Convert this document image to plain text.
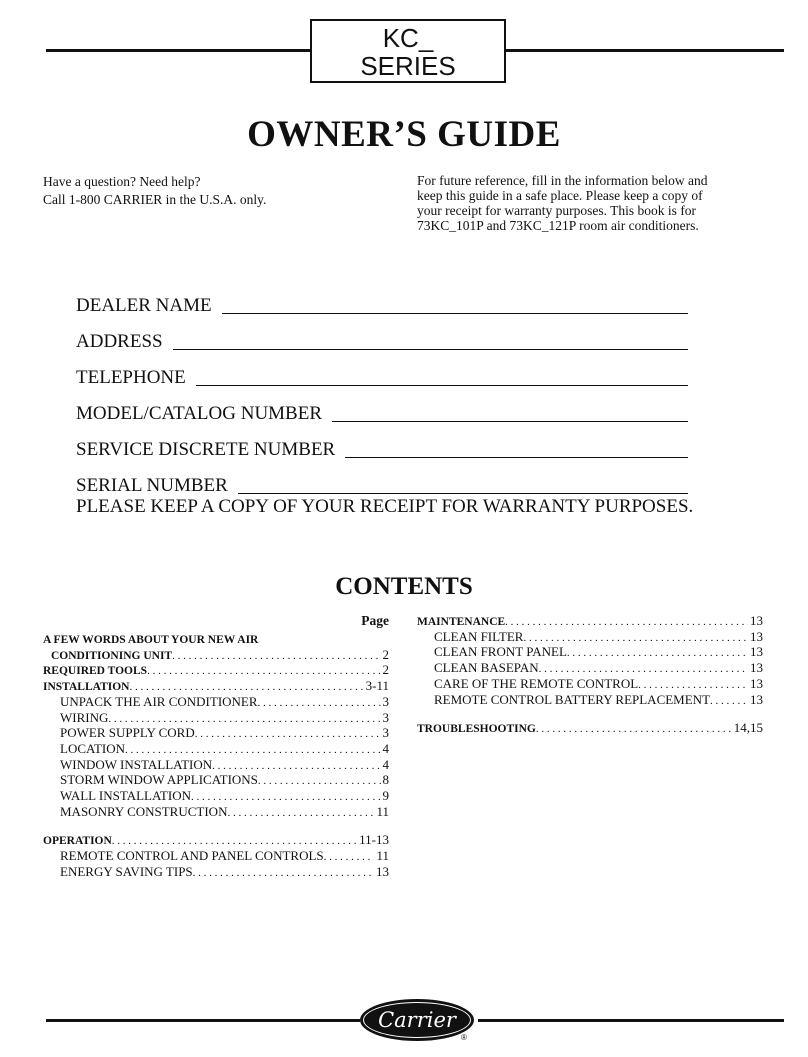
KC_
SERIES
OWNER’S GUIDE
Have a question? Need help?
Call 1-800 CARRIER in the U.S.A. only.
For future reference, fill in the information below and
keep this guide in a safe place. Please keep a copy of
your receipt for warranty purposes. This book is for
73KC_101P and 73KC_121P room air conditioners.
DEALER NAME
ADDRESS
TELEPHONE
MODEL/CATALOG NUMBER
SERVICE DISCRETE NUMBER
SERIAL NUMBER
PLEASE KEEP A COPY OF YOUR RECEIPT FOR WARRANTY PURPOSES.
CONTENTS
Page
A FEW WORDS ABOUT YOUR NEW AIR
CONDITIONING UNIT . . .	2
REQUIRED TOOLS . . .	2
INSTALLATION . . .	3-11
UNPACK THE AIR CONDITIONER . . .	3
WIRING . . .	3
POWER SUPPLY CORD . . .	3
LOCATION . . .	4
WINDOW INSTALLATION . . .	4
STORM WINDOW APPLICATIONS . . .	8
WALL INSTALLATION . . .	9
MASONRY CONSTRUCTION . . .	11
OPERATION . . .	11-13
REMOTE CONTROL AND PANEL CONTROLS . . .	11
ENERGY SAVING TIPS . . .	13
MAINTENANCE . . .	13
CLEAN FILTER . . .	13
CLEAN FRONT PANEL . . .	13
CLEAN BASEPAN . . .	13
CARE OF THE REMOTE CONTROL . . .	13
REMOTE CONTROL BATTERY REPLACEMENT . . .	13
TROUBLESHOOTING . . .	14,15
Carrier
®
